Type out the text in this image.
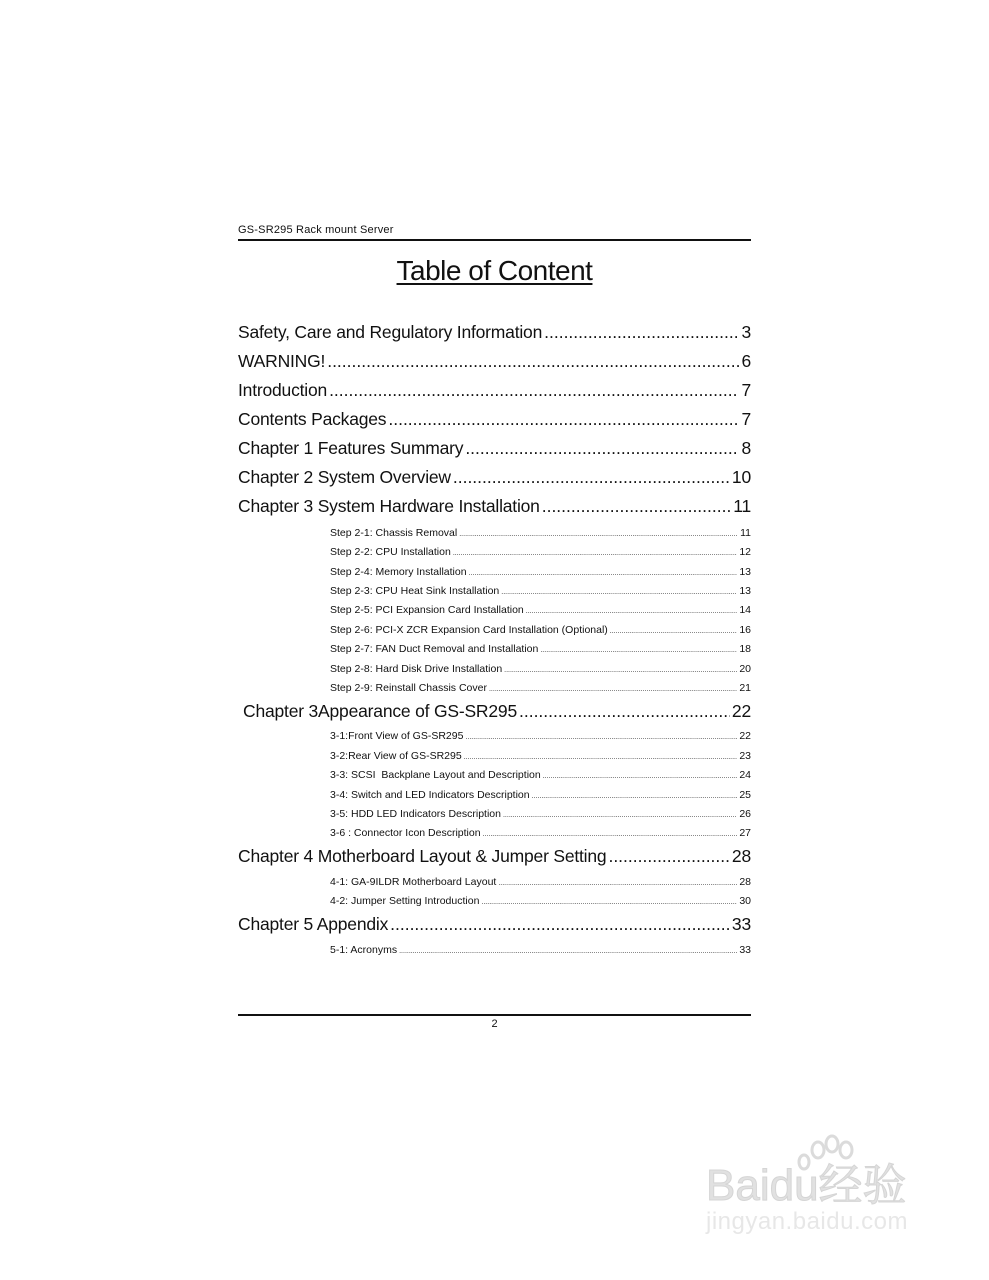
GS-SR295 Rack mount Server
Table of Content
Safety, Care and Regulatory Information .....	3
WARNING! .....	6
Introduction .....	7
Contents Packages .....	7
Chapter 1 Features Summary .....	8
Chapter 2 System Overview .....	10
Chapter 3 System Hardware Installation .....	11
Step 2-1: Chassis Removal .....	11
Step 2-2: CPU Installation .....	12
Step 2-4: Memory Installation .....	13
Step 2-3: CPU Heat Sink Installation .....	13
Step 2-5: PCI Expansion Card Installation .....	14
Step 2-6: PCI-X ZCR Expansion Card Installation (Optional) .....	16
Step 2-7: FAN Duct Removal and Installation .....	18
Step 2-8: Hard Disk Drive Installation .....	20
Step 2-9: Reinstall Chassis Cover .....	21
Chapter 3Appearance of GS-SR295 .....	22
3-1:Front View of GS-SR295 .....	22
3-2:Rear View of GS-SR295 .....	23
3-3: SCSI  Backplane Layout and Description .....	24
3-4: Switch and LED Indicators Description .....	25
3-5: HDD LED Indicators Description .....	26
3-6 : Connector Icon Description .....	27
Chapter 4 Motherboard Layout & Jumper Setting .....	28
4-1: GA-9ILDR Motherboard Layout .....	28
4-2: Jumper Setting Introduction .....	30
Chapter 5 Appendix .....	33
5-1: Acronyms .....	33
2
Baidu经验
jingyan.baidu.com
